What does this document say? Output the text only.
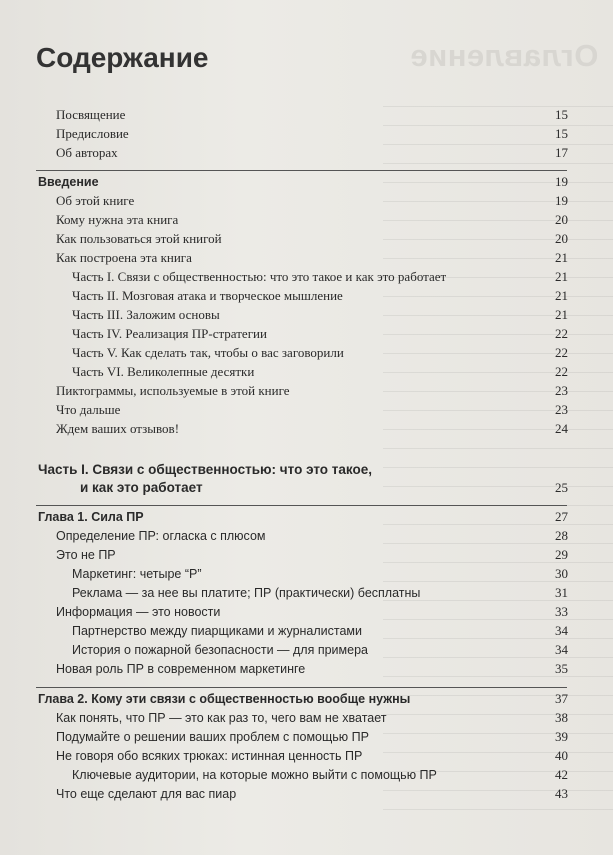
Оглавление
Содержание
Посвящение	15
Предисловие	15
Об авторах	17
Введение	19
Об этой книге	19
Кому нужна эта книга	20
Как пользоваться этой книгой	20
Как построена эта книга	21
Часть I. Связи с общественностью: что это такое и как это работает	21
Часть II. Мозговая атака и творческое мышление	21
Часть III. Заложим основы	21
Часть IV. Реализация ПР-стратегии	22
Часть V. Как сделать так, чтобы о вас заговорили	22
Часть VI. Великолепные десятки	22
Пиктограммы, используемые в этой книге	23
Что дальше	23
Ждем ваших отзывов!	24
Часть I. Связи с общественностью: что это такое,
и как это работает	25
Глава 1. Сила ПР	27
Определение ПР: огласка с плюсом	28
Это не ПР	29
Маркетинг: четыре “Р”	30
Реклама — за нее вы платите; ПР (практически) бесплатны	31
Информация — это новости	33
Партнерство между пиарщиками и журналистами	34
История о пожарной безопасности — для примера	34
Новая роль ПР в современном маркетинге	35
Глава 2. Кому эти связи с общественностью вообще нужны	37
Как понять, что ПР — это как раз то, чего вам не хватает	38
Подумайте о решении ваших проблем с помощью ПР	39
Не говоря обо всяких трюках: истинная ценность ПР	40
Ключевые аудитории, на которые можно выйти с помощью ПР	42
Что еще сделают для вас пиар	43
